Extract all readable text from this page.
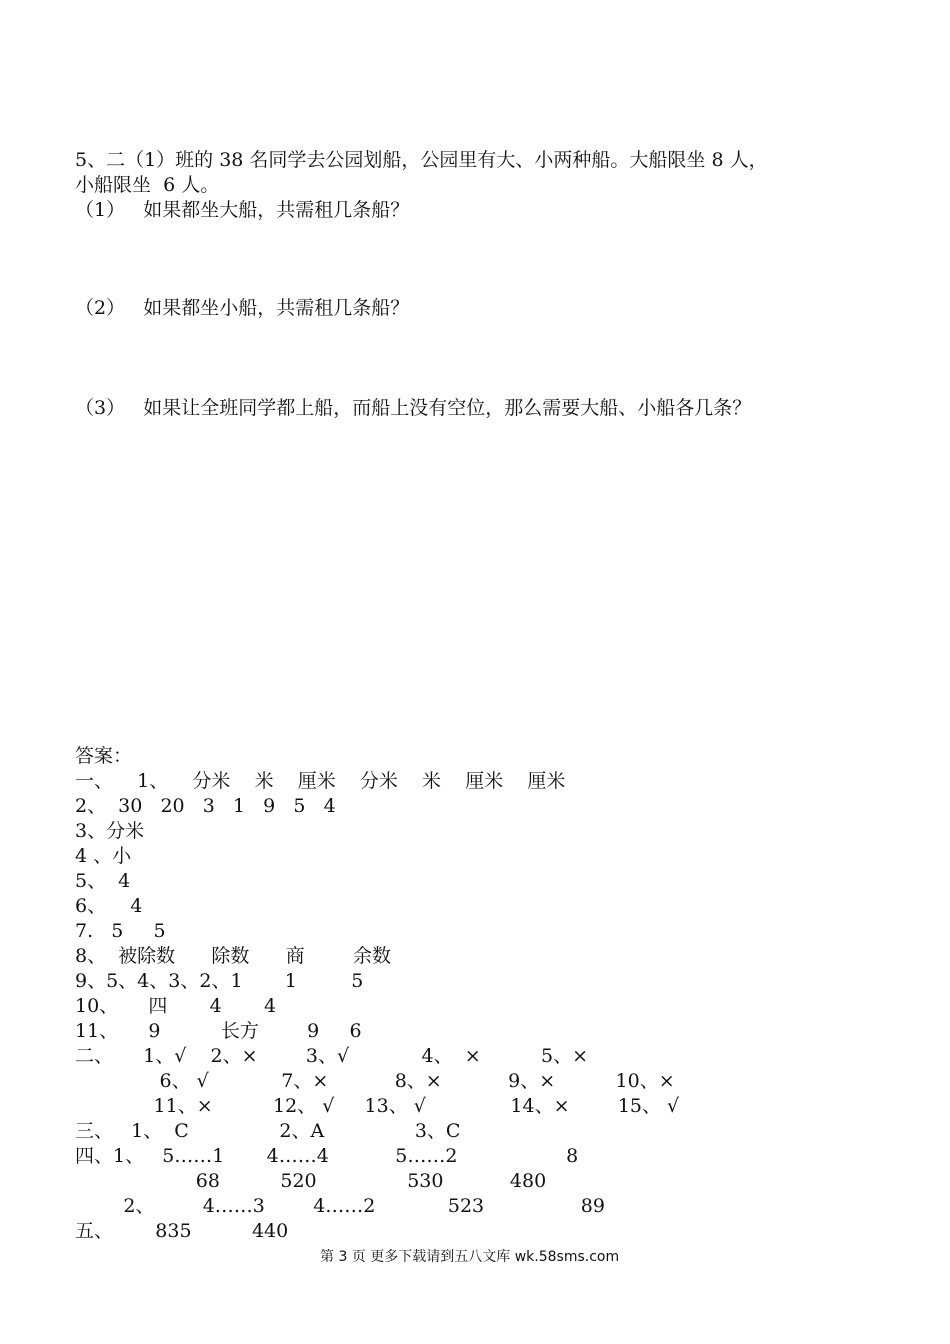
5、二（1）班的 38 名同学去公园划船，公园里有大、小两种船。大船限坐 8 人，
小船限坐  6 人。
（1）   如果都坐大船，共需租几条船？
（2）   如果都坐小船，共需租几条船？
（3）   如果让全班同学都上船，而船上没有空位，那么需要大船、小船各几条？
答案：
一、    1、    分米    米    厘米    分米    米    厘米    厘米
2、  30   20   3   1   9   5   4
3、分米
4 、小
5、  4
6、    4
7.   5     5
8、  被除数      除数      商        余数
9、5、4、3、2、1       1         5
10、     四       4       4
11、     9          长方        9     6
二、     1、√    2、×        3、√            4、  ×          5、×
6、 √            7、×           8、×           9、×          10、×
11、×          12、 √     13、 √              14、×        15、 √
三、   1、  C               2、A               3、C
四、1、   5……1       4……4           5……2                  8
68          520               530           480
2、        4……3        4……2            523                89
五、       835          440
第 3 页 更多下载请到五八文库 wk.58sms.com
